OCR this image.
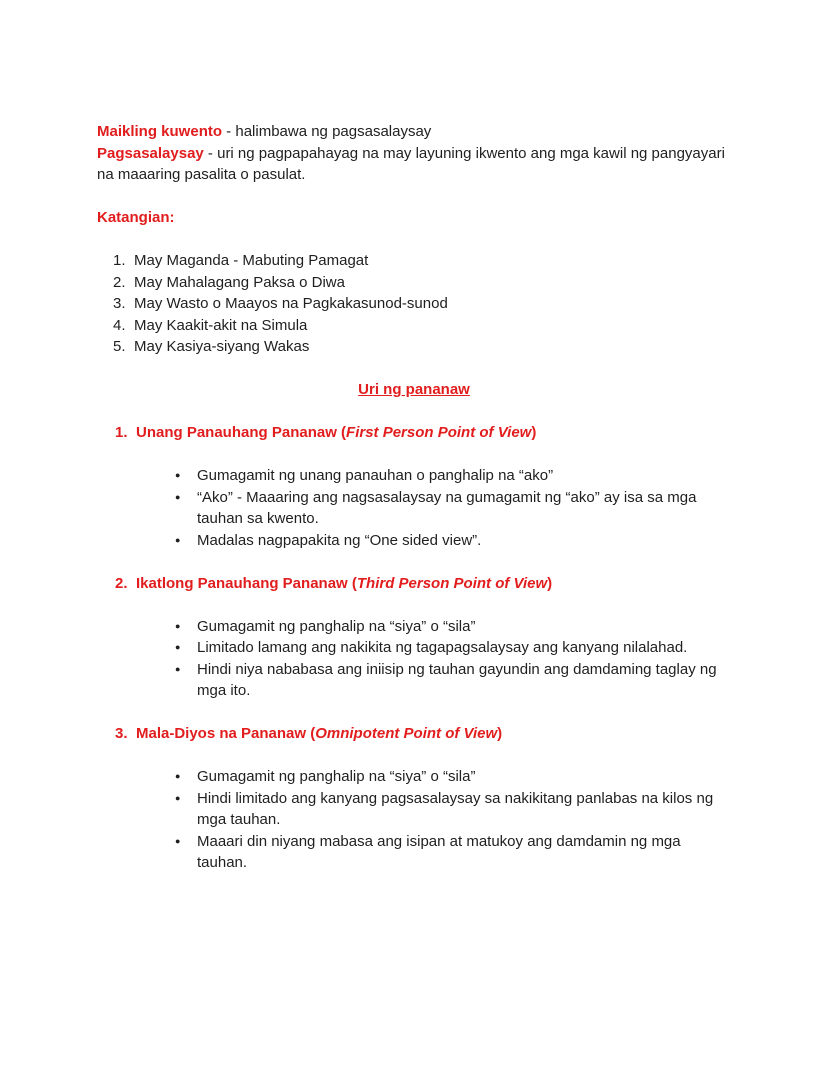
Maikling kuwento - halimbawa ng pagsasalaysay

Pagsasalaysay - uri ng pagpapahayag na may layuning ikwento ang mga kawil ng pangyayari na maaaring pasalita o pasulat.

Katangian:

1. May Maganda - Mabuting Pamagat
2. May Mahalagang Paksa o Diwa
3. May Wasto o Maayos na Pagkakasunod-sunod
4. May Kaakit-akit na Simula
5. May Kasiya-siyang Wakas

Uri ng pananaw

1. Unang Panauhang Pananaw (First Person Point of View)
●	Gumagamit ng unang panauhan o panghalip na “ako”
●	“Ako” - Maaaring ang nagsasalaysay na gumagamit ng “ako” ay isa sa mga tauhan sa kwento.
●	Madalas nagpapakita ng “One sided view”.
2. Ikatlong Panauhang Pananaw (Third Person Point of View)
●	Gumagamit ng panghalip na “siya” o “sila”
●	Limitado lamang ang nakikita ng tagapagsalaysay ang kanyang nilalahad.
●	Hindi niya nababasa ang iniisip ng tauhan gayundin ang damdaming taglay ng mga ito.
3. Mala-Diyos na Pananaw (Omnipotent Point of View)
●	Gumagamit ng panghalip na “siya” o “sila”
●	Hindi limitado ang kanyang pagsasalaysay sa nakikitang panlabas na kilos ng mga tauhan.
●	Maaari din niyang mabasa ang isipan at matukoy ang damdamin ng mga tauhan.
